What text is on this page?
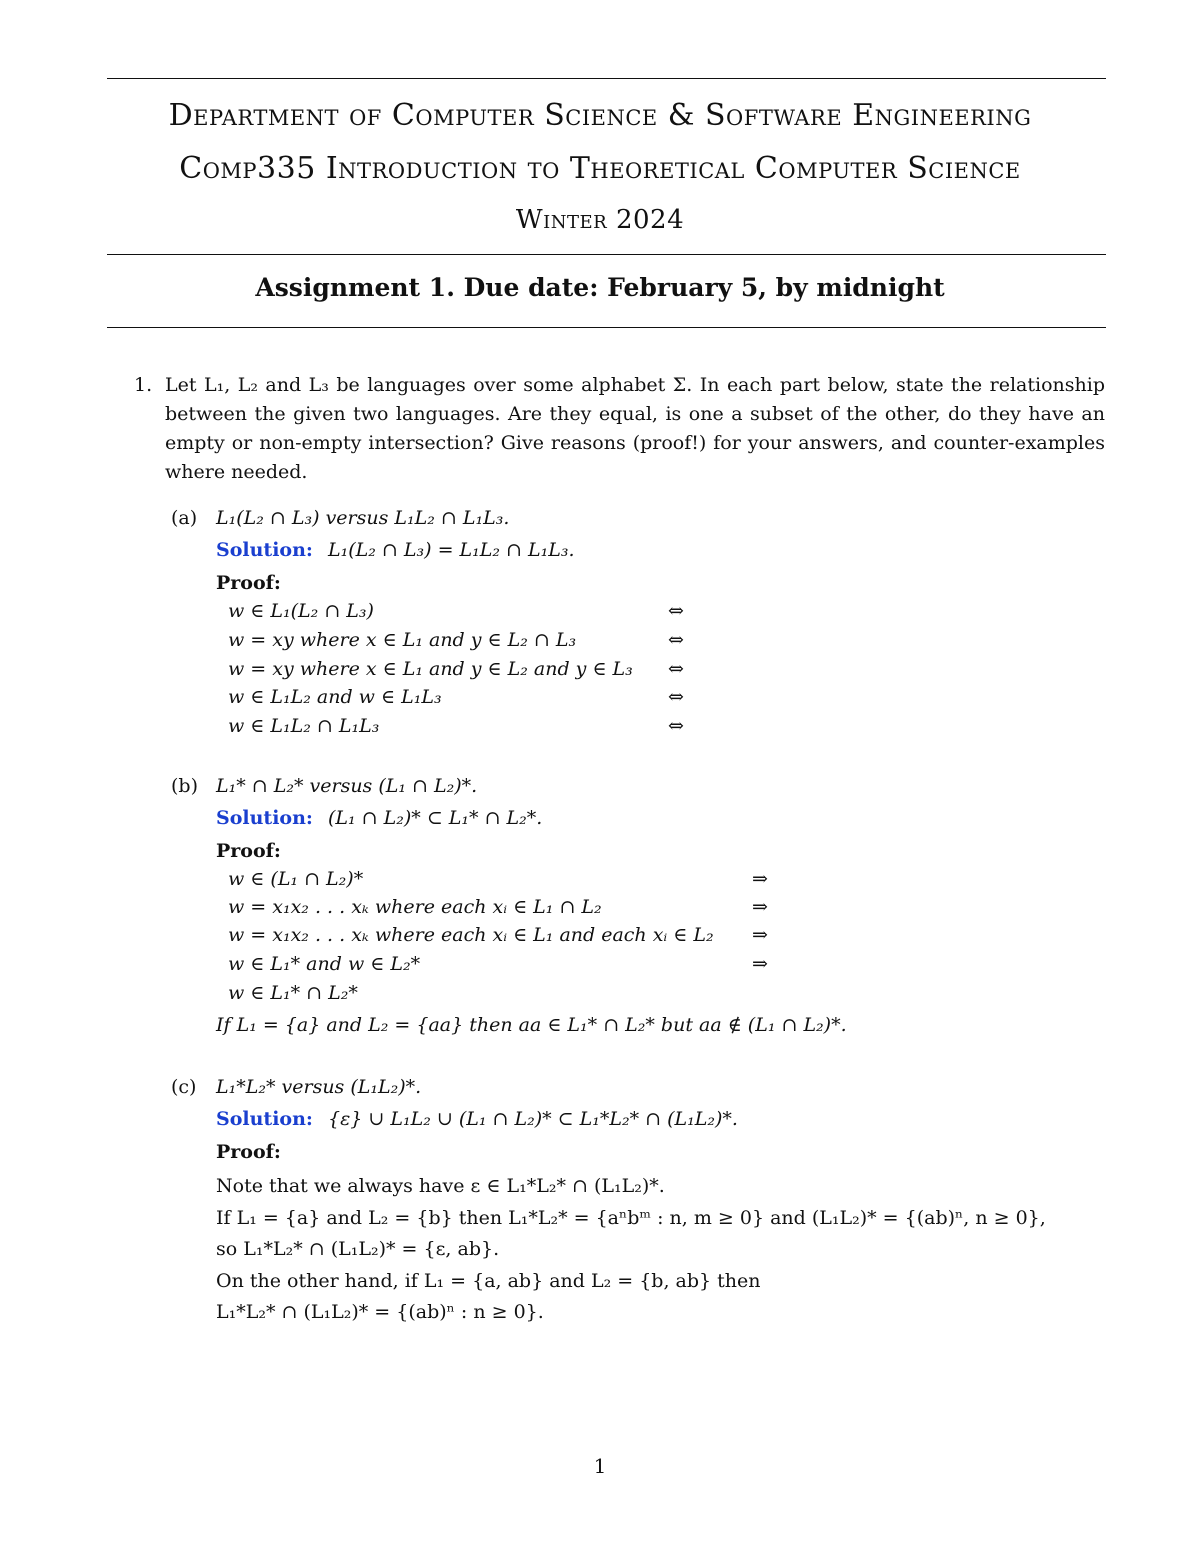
Department of Computer Science & Software Engineering
Comp335 Introduction to Theoretical Computer Science
Winter 2024
Assignment 1. Due date: February 5, by midnight
1. Let L₁, L₂ and L₃ be languages over some alphabet Σ. In each part below, state the relationship between the given two languages. Are they equal, is one a subset of the other, do they have an empty or non-empty intersection? Give reasons (proof!) for your answers, and counter-examples where needed.
(a) L₁(L₂ ∩ L₃) versus L₁L₂ ∩ L₁L₃.
Solution: L₁(L₂ ∩ L₃) = L₁L₂ ∩ L₁L₃.
Proof:
w ∈ L₁(L₂ ∩ L₃)	⇔
w = xy where x ∈ L₁ and y ∈ L₂ ∩ L₃	⇔
w = xy where x ∈ L₁ and y ∈ L₂ and y ∈ L₃ ⇔
w ∈ L₁L₂ and w ∈ L₁L₃	⇔
w ∈ L₁L₂ ∩ L₁L₃	⇔
(b) L₁* ∩ L₂* versus (L₁ ∩ L₂)*.
Solution: (L₁ ∩ L₂)* ⊂ L₁* ∩ L₂*.
Proof:
w ∈ (L₁ ∩ L₂)*	⇒
w = x₁x₂ . . . xₖ where each xᵢ ∈ L₁ ∩ L₂	⇒
w = x₁x₂ . . . xₖ where each xᵢ ∈ L₁ and each xᵢ ∈ L₂ ⇒
w ∈ L₁* and w ∈ L₂*	⇒
w ∈ L₁* ∩ L₂*
If L₁ = {a} and L₂ = {aa} then aa ∈ L₁* ∩ L₂* but aa ∉ (L₁ ∩ L₂)*.
(c) L₁*L₂* versus (L₁L₂)*.
Solution: {ε} ∪ L₁L₂ ∪ (L₁ ∩ L₂)* ⊂ L₁*L₂* ∩ (L₁L₂)*.
Proof:
Note that we always have ε ∈ L₁*L₂* ∩ (L₁L₂)*.
If L₁ = {a} and L₂ = {b} then L₁*L₂* = {aⁿbᵐ : n, m ≥ 0} and (L₁L₂)* = {(ab)ⁿ, n ≥ 0},
so L₁*L₂* ∩ (L₁L₂)* = {ε, ab}.
On the other hand, if L₁ = {a, ab} and L₂ = {b, ab} then
L₁*L₂* ∩ (L₁L₂)* = {(ab)ⁿ : n ≥ 0}.
1
